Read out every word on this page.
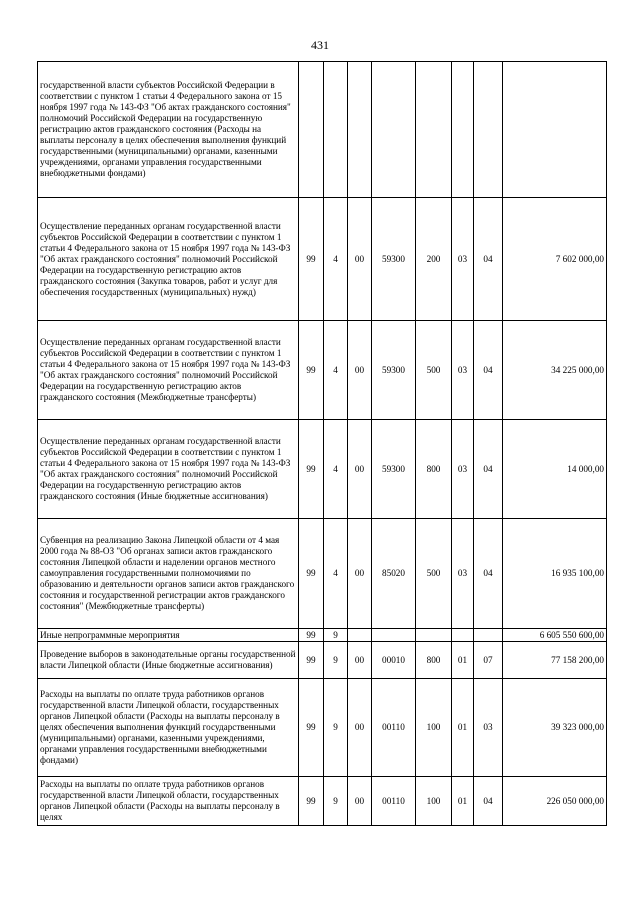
431
государственной власти субъектов Российской Федерации в соответствии с пунктом 1 статьи 4 Федерального закона от 15 ноября 1997 года № 143-ФЗ "Об актах гражданского состояния" полномочий Российской Федерации на государственную регистрацию актов гражданского состояния (Расходы на выплаты персоналу в целях обеспечения выполнения функций государственными (муниципальными) органами, казенными учреждениями, органами управления государственными внебюджетными фондами)								
Осуществление переданных органам государственной власти субъектов Российской Федерации в соответствии с пунктом 1 статьи 4 Федерального закона от 15 ноября 1997 года № 143-ФЗ "Об актах гражданского состояния" полномочий Российской Федерации на государственную регистрацию актов гражданского состояния (Закупка товаров, работ и услуг для обеспечения государственных (муниципальных) нужд)	99	4	00	59300	200	03	04	7 602 000,00
Осуществление переданных органам государственной власти субъектов Российской Федерации в соответствии с пунктом 1 статьи 4 Федерального закона от 15 ноября 1997 года № 143-ФЗ "Об актах гражданского состояния" полномочий Российской Федерации на государственную регистрацию актов гражданского состояния (Межбюджетные трансферты)	99	4	00	59300	500	03	04	34 225 000,00
Осуществление переданных органам государственной власти субъектов Российской Федерации в соответствии с пунктом 1 статьи 4 Федерального закона от 15 ноября 1997 года № 143-ФЗ "Об актах гражданского состояния" полномочий Российской Федерации на государственную регистрацию актов гражданского состояния (Иные бюджетные ассигнования)	99	4	00	59300	800	03	04	14 000,00
Субвенция на реализацию Закона Липецкой области от 4 мая 2000 года № 88-ОЗ "Об органах записи актов гражданского состояния Липецкой области и наделении органов местного самоуправления государственными полномочиями по образованию и деятельности органов записи актов гражданского состояния и государственной регистрации актов гражданского состояния" (Межбюджетные трансферты)	99	4	00	85020	500	03	04	16 935 100,00
Иные непрограммные мероприятия	99	9						6 605 550 600,00
Проведение выборов в законодательные органы государственной власти Липецкой области (Иные бюджетные ассигнования)	99	9	00	00010	800	01	07	77 158 200,00
Расходы на выплаты по оплате труда работников органов государственной власти Липецкой области, государственных органов Липецкой области (Расходы на выплаты персоналу в целях обеспечения выполнения функций государственными (муниципальными) органами, казенными учреждениями, органами управления государственными внебюджетными фондами)	99	9	00	00110	100	01	03	39 323 000,00
Расходы на выплаты по оплате труда работников органов государственной власти Липецкой области, государственных органов Липецкой области (Расходы на выплаты персоналу в целях	99	9	00	00110	100	01	04	226 050 000,00
